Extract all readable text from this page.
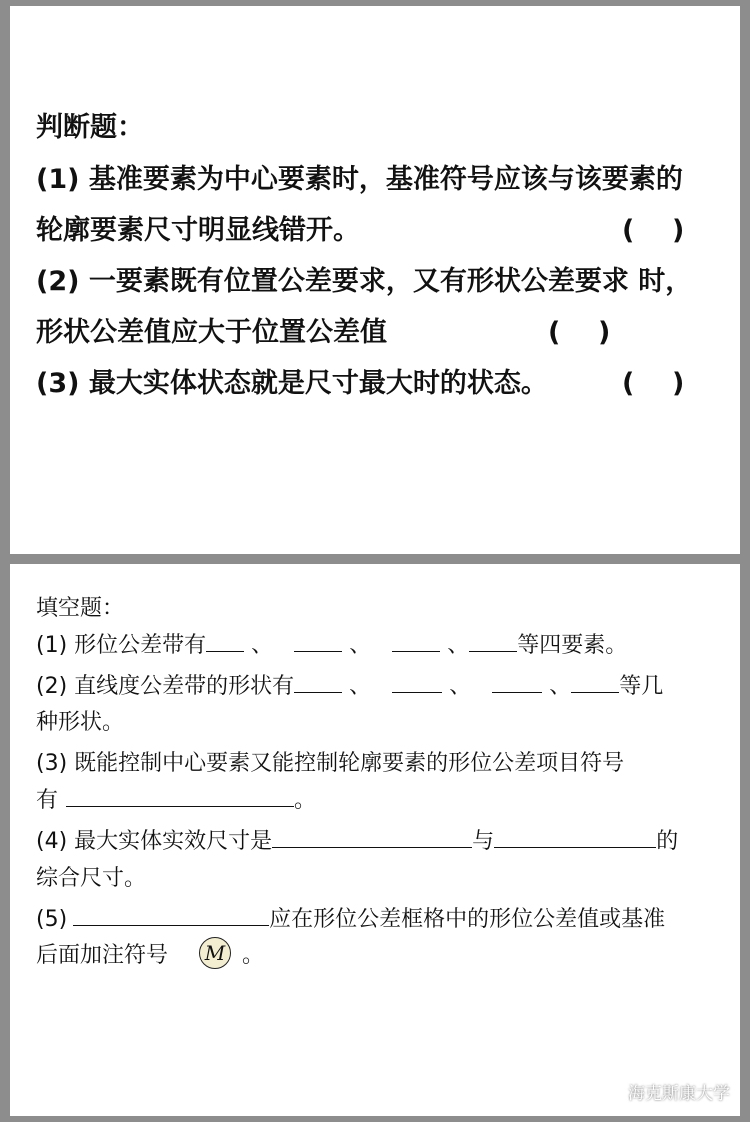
判断题：
(1) 基准要素为中心要素时，基准符号应该与该要素的
轮廓要素尺寸明显线错开。	(    )
(2) 一要素既有位置公差要求，又有形状公差要求 时，
形状公差值应大于位置公差值	(    )
(3) 最大实体状态就是尺寸最大时的状态。	(    )
填空题：
(1) 形位公差带有 、	、	、 等四要素。
(2) 直线度公差带的形状有	、	、	、 等几
种形状。
(3) 既能控制中心要素又能控制轮廓要素的形位公差项目符号
有	。
(4) 最大实体实效尺寸是	与	的
综合尺寸。
(5)	应在形位公差框格中的形位公差值或基准
后面加注符号 M 。
海克斯康大学
